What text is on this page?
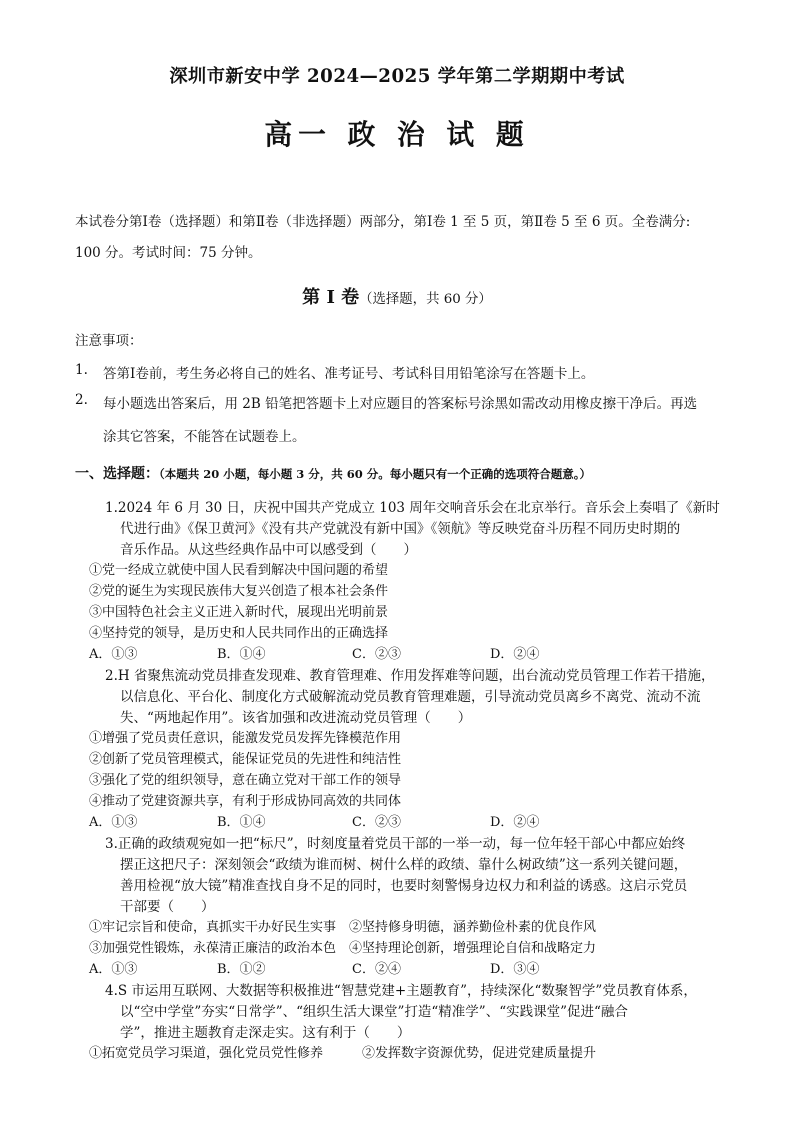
深圳市新安中学 2024—2025 学年第二学期期中考试
高一 政 治 试 题
本试卷分第Ⅰ卷（选择题）和第Ⅱ卷（非选择题）两部分，第Ⅰ卷 1 至 5 页，第Ⅱ卷 5 至 6 页。全卷满分:
100 分。考试时间：75 分钟。
第 Ⅰ 卷（选择题，共 60 分）
注意事项：
1. 答第Ⅰ卷前，考生务必将自己的姓名、准考证号、考试科目用铅笔涂写在答题卡上。
2. 每小题选出答案后，用 2B 铅笔把答题卡上对应题目的答案标号涂黑如需改动用橡皮擦干净后。再选
涂其它答案，不能答在试题卷上。
一、选择题：（本题共 20 小题，每小题 3 分，共 60 分。每小题只有一个正确的选项符合题意。）
1.2024 年 6 月 30 日，庆祝中国共产党成立 103 周年交响音乐会在北京举行。音乐会上奏唱了《新时
代进行曲》《保卫黄河》《没有共产党就没有新中国》《领航》等反映党奋斗历程不同历史时期的
音乐作品。从这些经典作品中可以感受到（　　）
①党一经成立就使中国人民看到解决中国问题的希望
②党的诞生为实现民族伟大复兴创造了根本社会条件
③中国特色社会主义正进入新时代，展现出光明前景
④坚持党的领导，是历史和人民共同作出的正确选择
A．①③	B．①④	C．②③	D．②④
2.H 省聚焦流动党员排查发现难、教育管理难、作用发挥难等问题，出台流动党员管理工作若干措施，
以信息化、平台化、制度化方式破解流动党员教育管理难题，引导流动党员离乡不离党、流动不流
失、“两地起作用”。该省加强和改进流动党员管理（　　）
①增强了党员责任意识，能激发党员发挥先锋模范作用
②创新了党员管理模式，能保证党员的先进性和纯洁性
③强化了党的组织领导，意在确立党对干部工作的领导
④推动了党建资源共享，有利于形成协同高效的共同体
A．①③	B．①④	C．②③	D．②④
3.正确的政绩观宛如一把“标尺”，时刻度量着党员干部的一举一动，每一位年轻干部心中都应始终
摆正这把尺子：深刻领会“政绩为谁而树、树什么样的政绩、靠什么树政绩”这一系列关键问题，
善用检视“放大镜”精准查找自身不足的同时，也要时刻警惕身边权力和利益的诱惑。这启示党员
干部要（　　）
①牢记宗旨和使命，真抓实干办好民生实事　②坚持修身明德，涵养勤俭朴素的优良作风
③加强党性锻炼，永葆清正廉洁的政治本色　④坚持理论创新，增强理论自信和战略定力
A．①③	B．①②	C．②④	D．③④
4.S 市运用互联网、大数据等积极推进“智慧党建+主题教育”，持续深化“数聚智学”党员教育体系，
以“空中学堂”夯实“日常学”、“组织生活大课堂”打造“精准学”、“实践课堂”促进“融合
学”，推进主题教育走深走实。这有利于（　　）
①拓宽党员学习渠道，强化党员党性修养　　　②发挥数字资源优势，促进党建质量提升
